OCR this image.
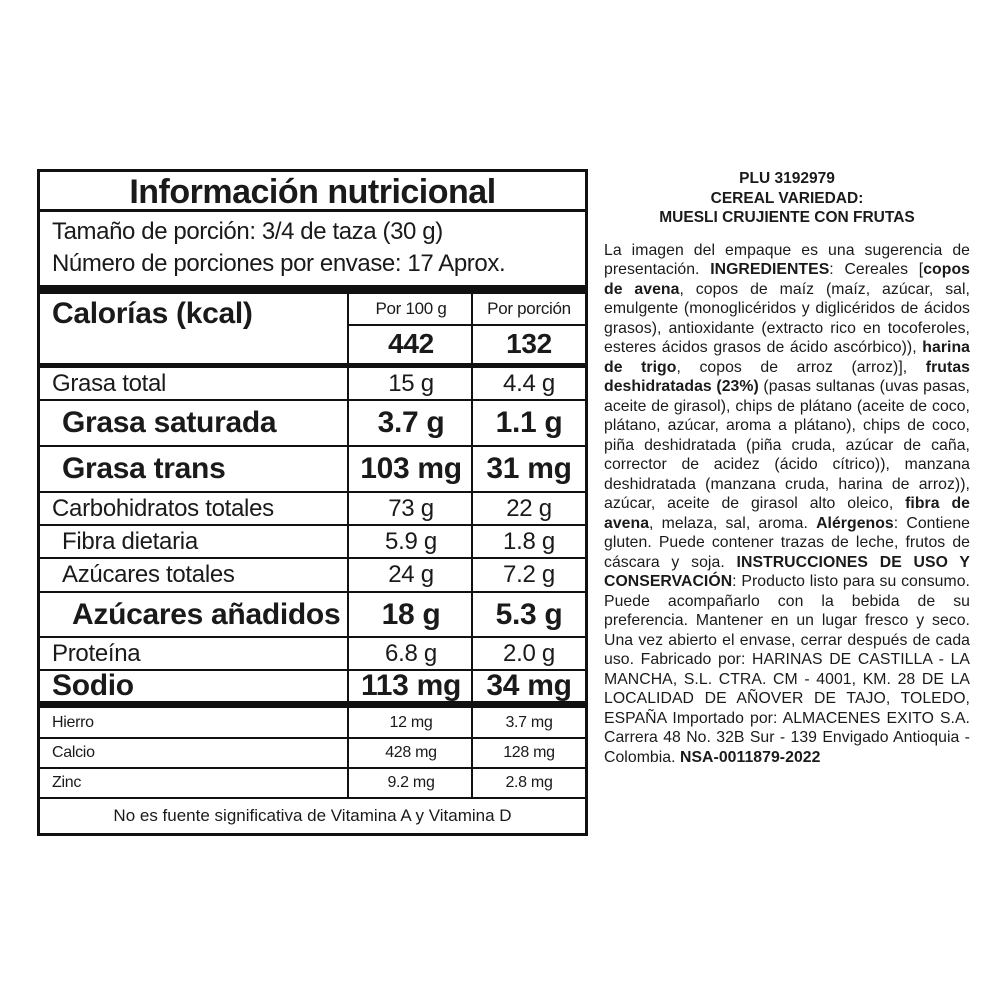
Información nutricional
Tamaño de porción: 3/4 de taza (30 g)
Número de porciones por envase: 17 Aprox.
Calorías (kcal)	Por 100 g	Por porción
442	132
Grasa total	15 g	4.4 g
Grasa saturada	3.7 g	1.1 g
Grasa trans	103 mg 31 mg
Carbohidratos totales	73 g	22 g
Fibra dietaria	5.9 g	1.8 g
Azúcares totales	24 g	7.2 g
Azúcares añadidos	18 g	5.3 g
Proteína	6.8 g	2.0 g
Sodio	113 mg 34 mg
Hierro	12 mg	3.7 mg
Calcio	428 mg	128 mg
Zinc	9.2 mg	2.8 mg
No es fuente significativa de Vitamina A y Vitamina D
PLU 3192979
CEREAL VARIEDAD:
MUESLI CRUJIENTE CON FRUTAS
La imagen del empaque es una sugerencia de presentación. INGREDIENTES: Cereales [copos de avena, copos de maíz (maíz, azúcar, sal, emulgente (monoglicéridos y diglicéridos de ácidos grasos), antioxidante (extracto rico en tocoferoles, esteres ácidos grasos de ácido ascórbico)), harina de trigo, copos de arroz (arroz)], frutas deshidratadas (23%) (pasas sultanas (uvas pasas, aceite de girasol), chips de plátano (aceite de coco, plátano, azúcar, aroma a plátano), chips de coco, piña deshidratada (piña cruda, azúcar de caña, corrector de acidez (ácido cítrico)), manzana deshidratada (manzana cruda, harina de arroz)), azúcar, aceite de girasol alto oleico, fibra de avena, melaza, sal, aroma. Alérgenos: Contiene gluten. Puede contener trazas de leche, frutos de cáscara y soja. INSTRUCCIONES DE USO Y CONSERVACIÓN: Producto listo para su consumo. Puede acompañarlo con la bebida de su preferencia. Mantener en un lugar fresco y seco. Una vez abierto el envase, cerrar después de cada uso. Fabricado por: HARINAS DE CASTILLA - LA MANCHA, S.L. CTRA. CM - 4001, KM. 28 DE LA LOCALIDAD DE AÑOVER DE TAJO, TOLEDO, ESPAÑA Importado por: ALMACENES EXITO S.A. Carrera 48 No. 32B Sur - 139 Envigado Antioquia - Colombia. NSA-0011879-2022
